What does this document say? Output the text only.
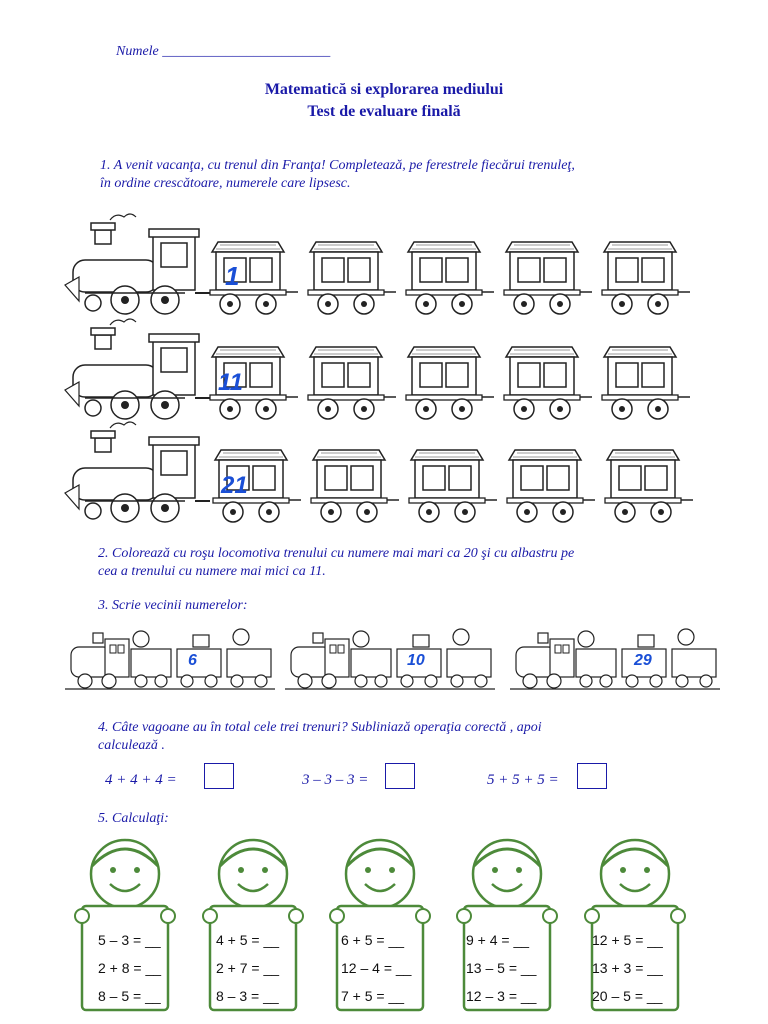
Numele ________________________
Matematică si explorarea mediului
Test de evaluare finală
1. A venit vacanţa, cu trenul din Franţa! Completează, pe ferestrele fiecărui trenuleţ,
în ordine crescătoare, numerele care lipsesc.
1
11
21
2. Colorează cu roşu locomotiva trenului cu numere mai mari ca 20 şi cu albastru pe
cea a trenului cu numere mai mici ca 11.
3. Scrie vecinii numerelor:
6	10	29
4. Câte vagoane au în total cele trei trenuri? Subliniază operaţia corectă , apoi
calculează .
4 + 4 + 4 =	3 – 3 – 3 =	5 + 5 + 5 =
5. Calculaţi:
5 – 3 = __
2 + 8 = __
8 – 5 = __
4 + 5 = __
2 + 7 = __
8 – 3 = __
6 + 5 = __
12 – 4 = __
7 + 5 = __
9 + 4 = __
13 – 5 = __
12 – 3 = __
12 + 5 = __
13 + 3 = __
20 – 5 = __
